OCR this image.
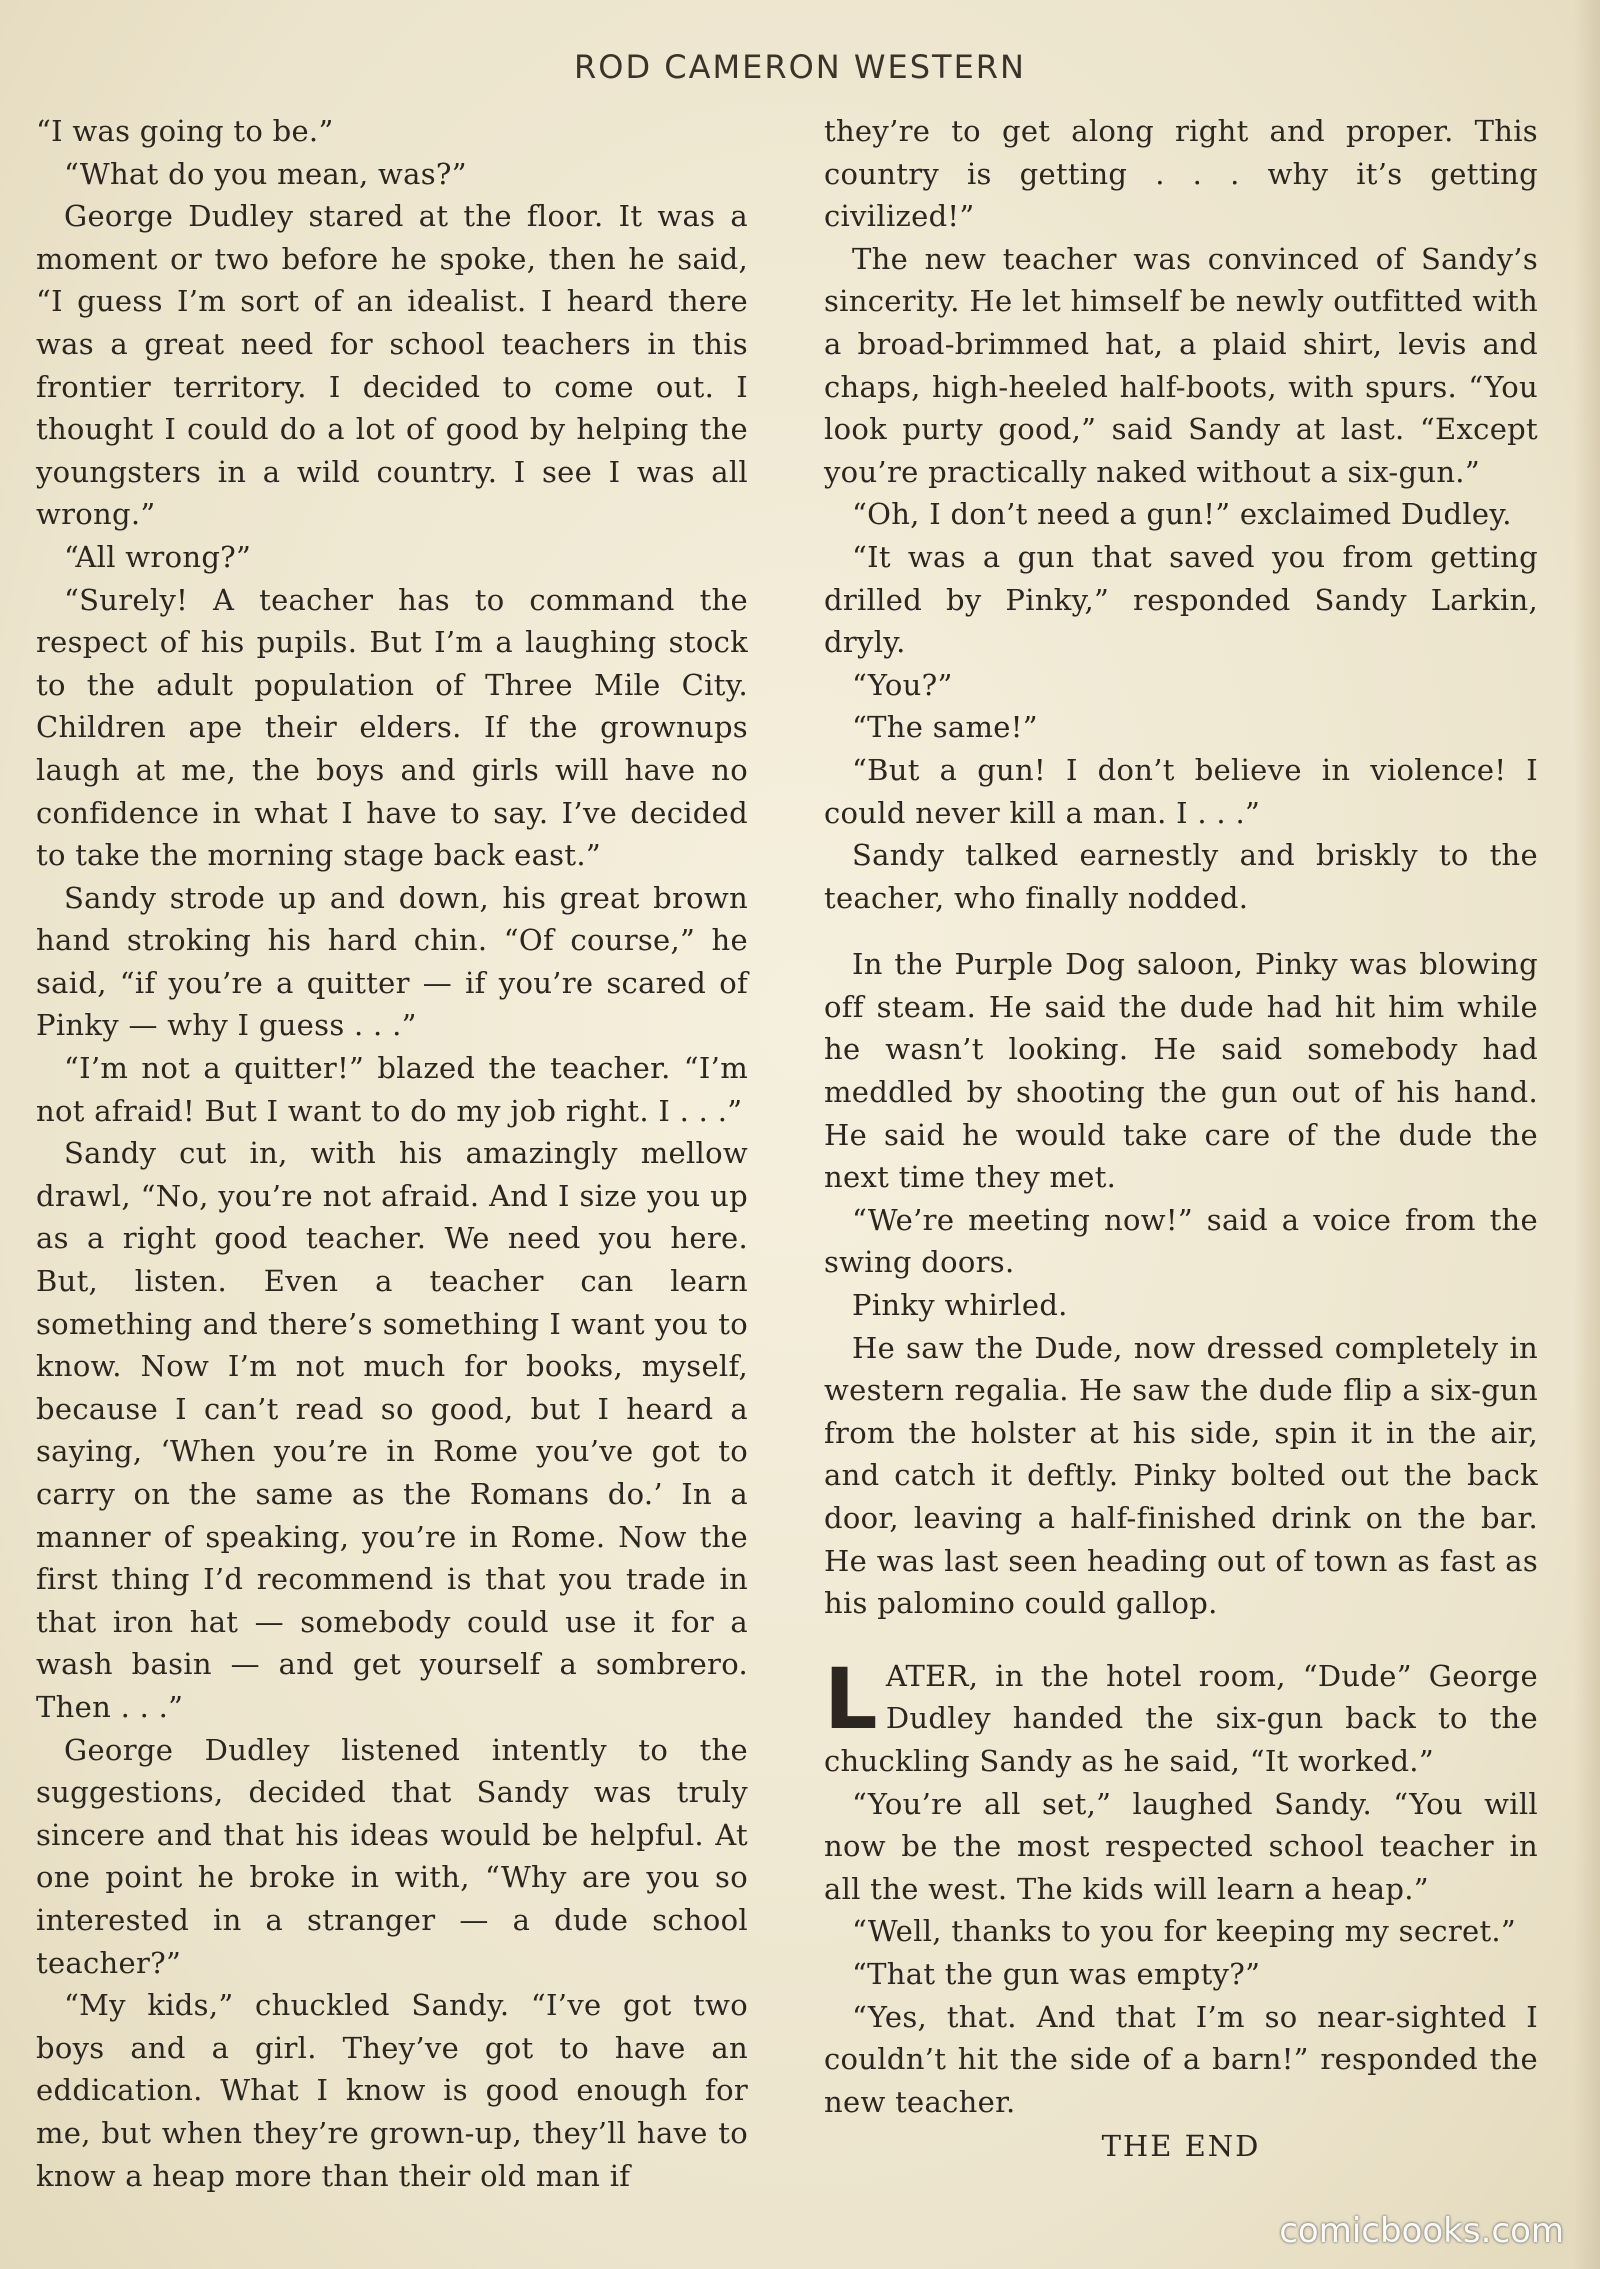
ROD CAMERON WESTERN

“I was going to be.”

“What do you mean, was?”

George Dudley stared at the floor. It was a moment or two before he spoke, then he said, “I guess I’m sort of an idealist. I heard there was a great need for school teachers in this frontier territory. I decided to come out. I thought I could do a lot of good by helping the youngsters in a wild country. I see I was all wrong.”

“All wrong?”

“Surely! A teacher has to command the respect of his pupils. But I’m a laughing stock to the adult population of Three Mile City. Children ape their elders. If the grownups laugh at me, the boys and girls will have no confidence in what I have to say. I’ve decided to take the morning stage back east.”

Sandy strode up and down, his great brown hand stroking his hard chin. “Of course,” he said, “if you’re a quitter — if you’re scared of Pinky — why I guess . . .”

“I’m not a quitter!” blazed the teacher. “I’m not afraid! But I want to do my job right. I . . .”

Sandy cut in, with his amazingly mellow drawl, “No, you’re not afraid. And I size you up as a right good teacher. We need you here. But, listen. Even a teacher can learn something and there’s something I want you to know. Now I’m not much for books, myself, because I can’t read so good, but I heard a saying, ‘When you’re in Rome you’ve got to carry on the same as the Romans do.’ In a manner of speaking, you’re in Rome. Now the first thing I’d recommend is that you trade in that iron hat — somebody could use it for a wash basin — and get yourself a sombrero. Then . . .”

George Dudley listened intently to the suggestions, decided that Sandy was truly sincere and that his ideas would be helpful. At one point he broke in with, “Why are you so interested in a stranger — a dude school teacher?”

“My kids,” chuckled Sandy. “I’ve got two boys and a girl. They’ve got to have an eddication. What I know is good enough for me, but when they’re grown-up, they’ll have to know a heap more than their old man if

they’re to get along right and proper. This country is getting . . . why it’s getting civilized!”

The new teacher was convinced of Sandy’s sincerity. He let himself be newly outfitted with a broad-brimmed hat, a plaid shirt, levis and chaps, high-heeled half-boots, with spurs. “You look purty good,” said Sandy at last. “Except you’re practically naked without a six-gun.”

“Oh, I don’t need a gun!” exclaimed Dudley.

“It was a gun that saved you from getting drilled by Pinky,” responded Sandy Larkin, dryly.

“You?”

“The same!”

“But a gun! I don’t believe in violence! I could never kill a man. I . . .”

Sandy talked earnestly and briskly to the teacher, who finally nodded.

In the Purple Dog saloon, Pinky was blowing off steam. He said the dude had hit him while he wasn’t looking. He said somebody had meddled by shooting the gun out of his hand. He said he would take care of the dude the next time they met.

“We’re meeting now!” said a voice from the swing doors.

Pinky whirled.

He saw the Dude, now dressed completely in western regalia. He saw the dude flip a six-gun from the holster at his side, spin it in the air, and catch it deftly. Pinky bolted out the back door, leaving a half-finished drink on the bar. He was last seen heading out of town as fast as his palomino could gallop.

LATER, in the hotel room, “Dude” George Dudley handed the six-gun back to the chuckling Sandy as he said, “It worked.”

“You’re all set,” laughed Sandy. “You will now be the most respected school teacher in all the west. The kids will learn a heap.”

“Well, thanks to you for keeping my secret.”

“That the gun was empty?”

“Yes, that. And that I’m so near-sighted I couldn’t hit the side of a barn!” responded the new teacher.

THE END
comicbooks.com
